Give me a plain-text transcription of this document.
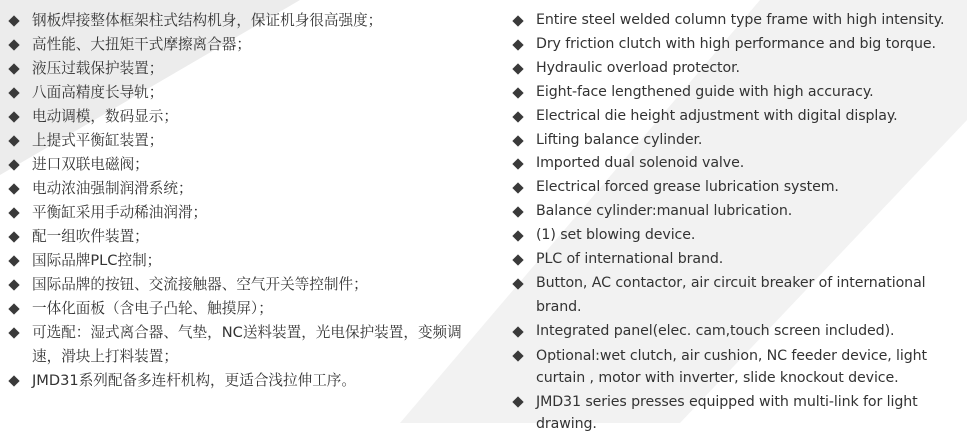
钢板焊接整体框架柱式结构机身，保证机身很高强度；
高性能、大扭矩干式摩擦离合器；
液压过载保护装置；
八面高精度长导轨；
电动调模，数码显示；
上提式平衡缸装置；
进口双联电磁阀；
电动浓油强制润滑系统；
平衡缸采用手动稀油润滑；
配一组吹件装置；
国际品牌PLC控制；
国际品牌的按钮、交流接触器、空气开关等控制件；
一体化面板（含电子凸轮、触摸屏）；
可选配：湿式离合器、气垫，NC送料装置，光电保护装置，变频调速，滑块上打料装置；
JMD31系列配备多连杆机构，更适合浅拉伸工序。
Entire steel welded column type frame with high intensity.
Dry friction clutch with high performance and big torque.
Hydraulic overload protector.
Eight-face lengthened guide with high accuracy.
Electrical die height adjustment with digital display.
Lifting balance cylinder.
Imported dual solenoid valve.
Electrical forced grease lubrication system.
Balance cylinder:manual lubrication.
(1) set blowing device.
PLC of international brand.
Button, AC contactor, air circuit breaker of international brand.
Integrated panel(elec. cam,touch screen included).
Optional:wet clutch, air cushion, NC feeder device, light curtain , motor with inverter, slide knockout device.
JMD31 series presses equipped with multi-link for light drawing.
